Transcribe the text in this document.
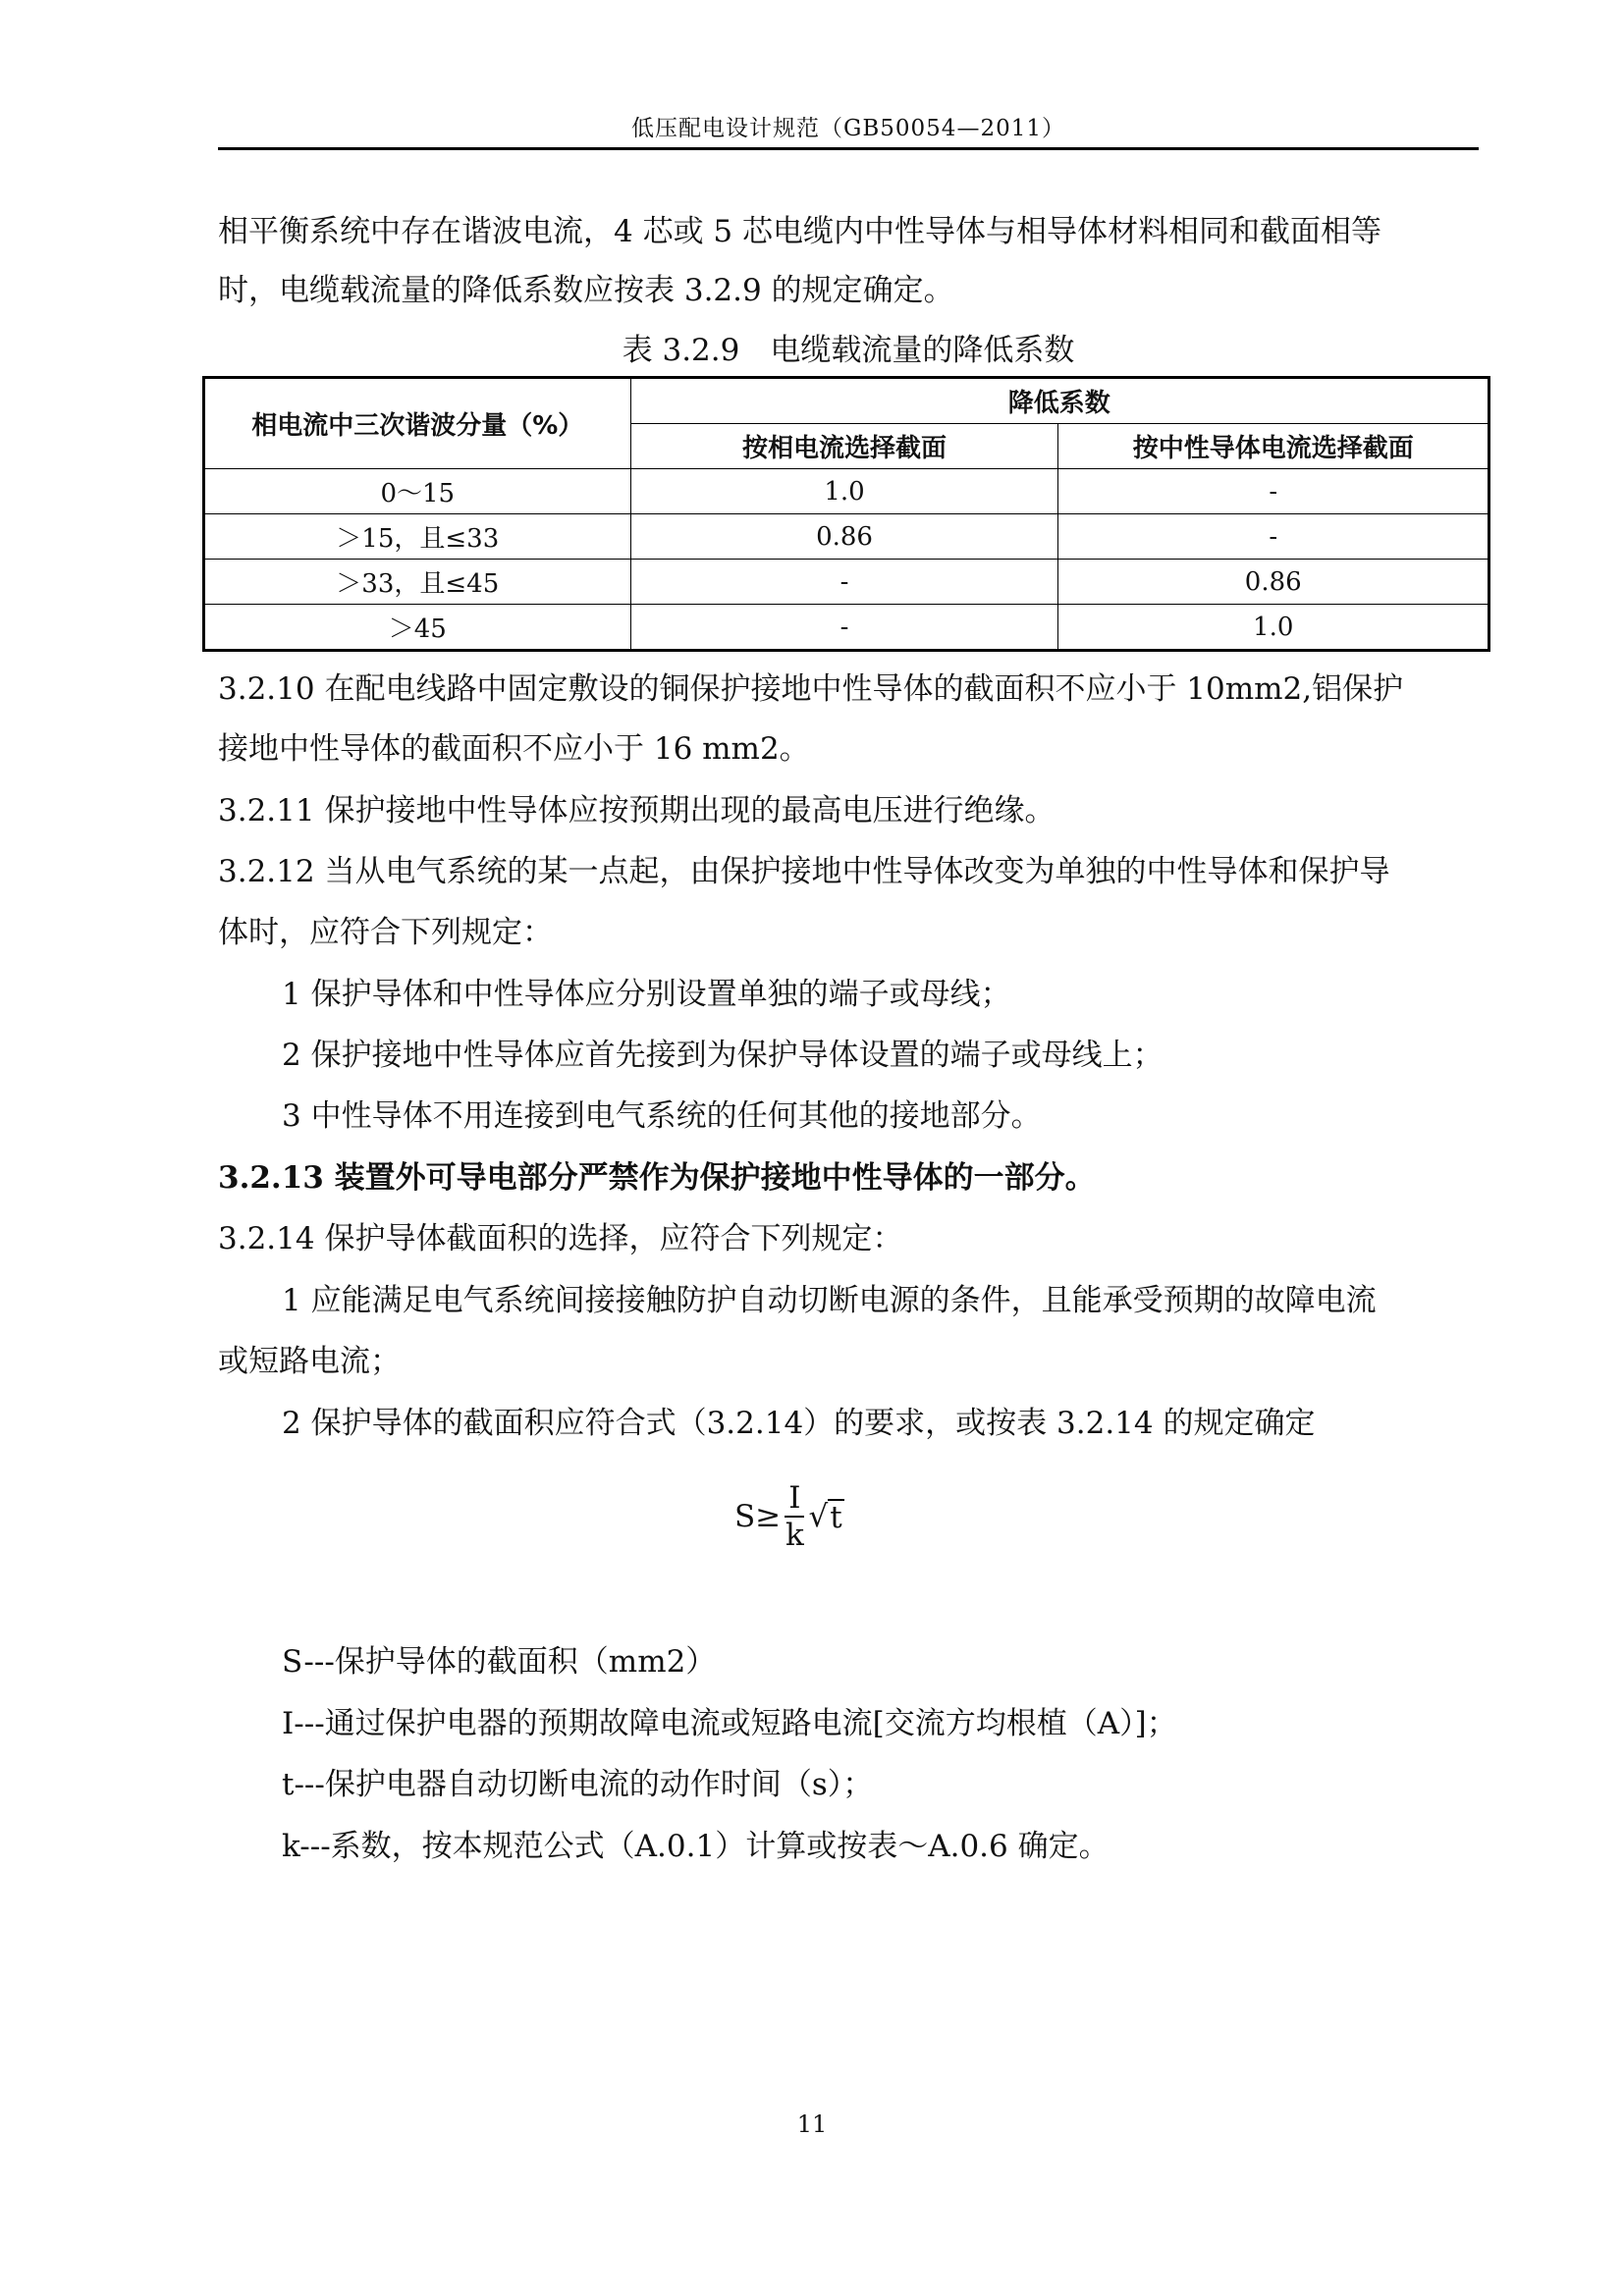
低压配电设计规范（GB50054—2011）

相平衡系统中存在谐波电流，4 芯或 5 芯电缆内中性导体与相导体材料相同和截面相等

时，电缆载流量的降低系数应按表 3.2.9 的规定确定。

表 3.2.9　电缆载流量的降低系数
相电流中三次谐波分量（%）	降低系数	
	按相电流选择截面	按中性导体电流选择截面
0～15	1.0	-
＞15，且≤33	0.86	-
＞33，且≤45	-	0.86
＞45	-	1.0

3.2.10 在配电线路中固定敷设的铜保护接地中性导体的截面积不应小于 10mm2,铝保护

接地中性导体的截面积不应小于 16 mm2。

3.2.11 保护接地中性导体应按预期出现的最高电压进行绝缘。

3.2.12 当从电气系统的某一点起，由保护接地中性导体改变为单独的中性导体和保护导

体时，应符合下列规定：

1 保护导体和中性导体应分别设置单独的端子或母线；

2 保护接地中性导体应首先接到为保护导体设置的端子或母线上；

3 中性导体不用连接到电气系统的任何其他的接地部分。

3.2.13 装置外可导电部分严禁作为保护接地中性导体的一部分。

3.2.14 保护导体截面积的选择，应符合下列规定：

1 应能满足电气系统间接接触防护自动切断电源的条件，且能承受预期的故障电流

或短路电流；

2 保护导体的截面积应符合式（3.2.14）的要求，或按表 3.2.14 的规定确定

$S\ge \frac{I}{k}$ √ t

S---保护导体的截面积（mm2）

I---通过保护电器的预期故障电流或短路电流[交流方均根植（A）]；

t---保护电器自动切断电流的动作时间（s）；

k---系数，按本规范公式（A.0.1）计算或按表～A.0.6 确定。

11
